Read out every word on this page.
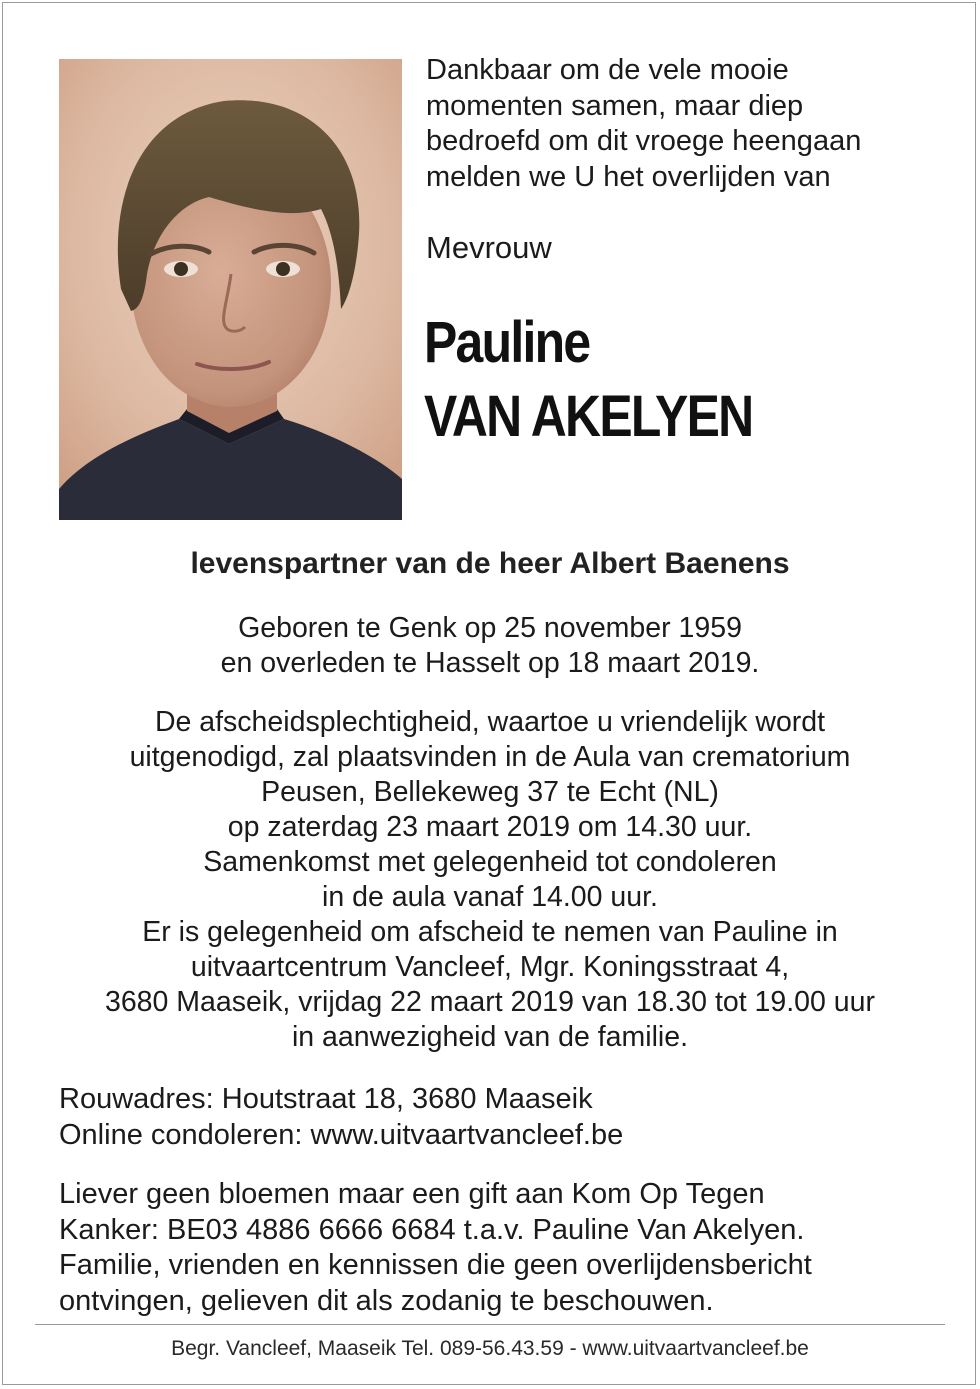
Dankbaar om de vele mooie
momenten samen, maar diep
bedroefd om dit vroege heengaan
melden we U het overlijden van
Mevrouw
Pauline
VAN AKELYEN
levenspartner van de heer Albert Baenens
Geboren te Genk op 25 november 1959
en overleden te Hasselt op 18 maart 2019.
De afscheidsplechtigheid, waartoe u vriendelijk wordt
uitgenodigd, zal plaatsvinden in de Aula van crematorium
Peusen, Bellekeweg 37 te Echt (NL)
op zaterdag 23 maart 2019 om 14.30 uur.
Samenkomst met gelegenheid tot condoleren
in de aula vanaf 14.00 uur.
Er is gelegenheid om afscheid te nemen van Pauline in
uitvaartcentrum Vancleef, Mgr. Koningsstraat 4,
3680 Maaseik, vrijdag 22 maart 2019 van 18.30 tot 19.00 uur
in aanwezigheid van de familie.
Rouwadres: Houtstraat 18, 3680 Maaseik
Online condoleren: www.uitvaartvancleef.be
Liever geen bloemen maar een gift aan Kom Op Tegen
Kanker: BE03 4886 6666 6684 t.a.v. Pauline Van Akelyen.
Familie, vrienden en kennissen die geen overlijdensbericht
ontvingen, gelieven dit als zodanig te beschouwen.
Begr. Vancleef, Maaseik Tel. 089-56.43.59 - www.uitvaartvancleef.be
